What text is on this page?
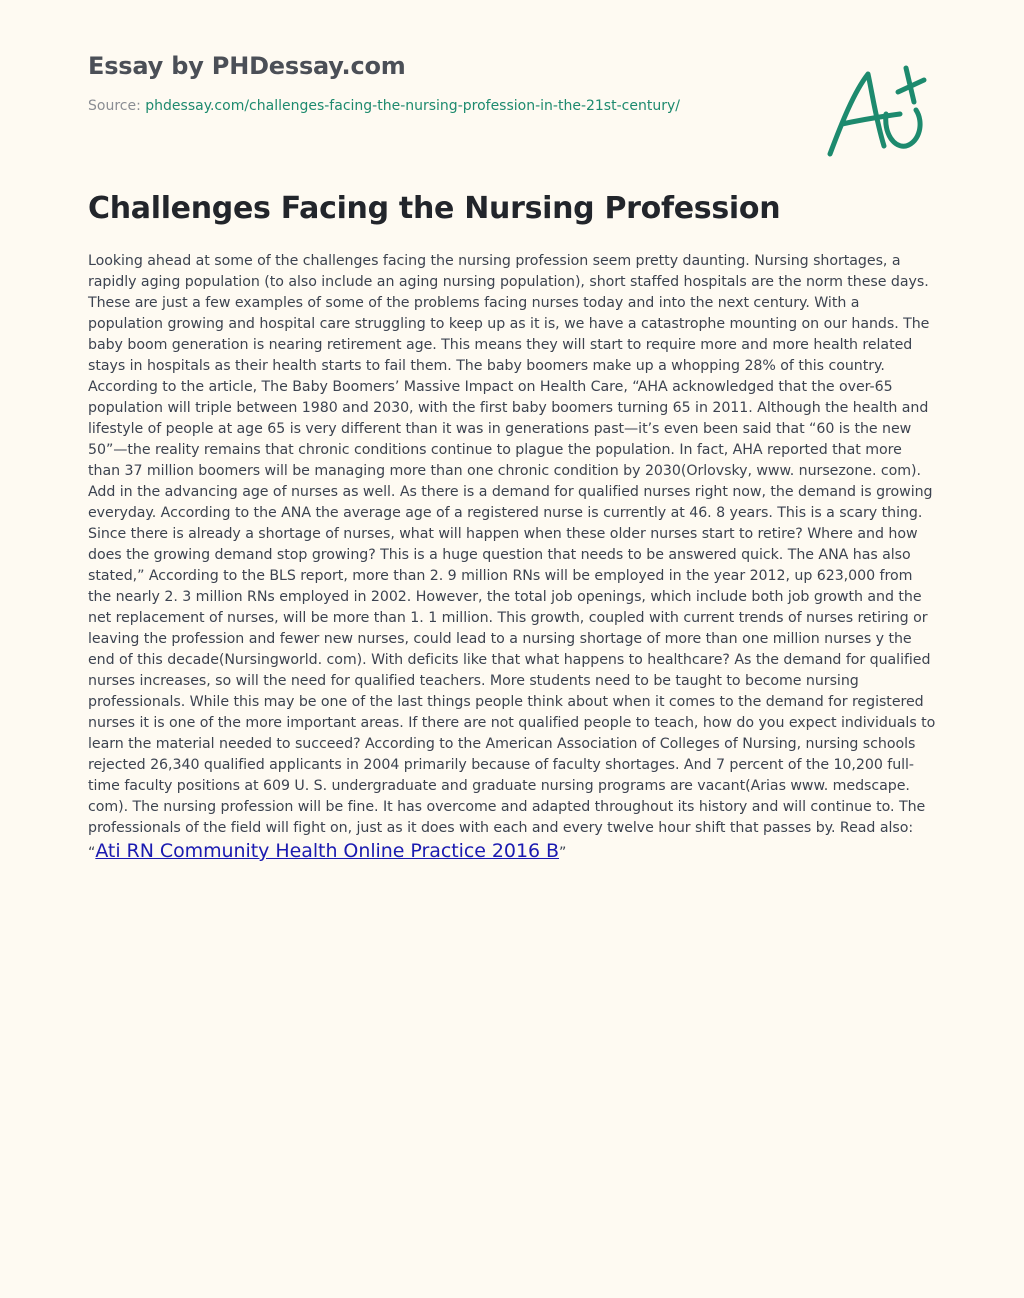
Essay by PHDessay.com
Source: phdessay.com/challenges-facing-the-nursing-profession-in-the-21st-century/
Challenges Facing the Nursing Profession

Looking ahead at some of the challenges facing the nursing profession seem pretty daunting. Nursing shortages, a rapidly aging population (to also include an aging nursing population), short staffed hospitals are the norm these days. These are just a few examples of some of the problems facing nurses today and into the next century. With a population growing and hospital care struggling to keep up as it is, we have a catastrophe mounting on our hands. The baby boom generation is nearing retirement age. This means they will start to require more and more health related stays in hospitals as their health starts to fail them. The baby boomers make up a whopping 28% of this country. According to the article, The Baby Boomers’ Massive Impact on Health Care, “AHA acknowledged that the over-65 population will triple between 1980 and 2030, with the first baby boomers turning 65 in 2011. Although the health and lifestyle of people at age 65 is very different than it was in generations past—it’s even been said that “60 is the new 50”—the reality remains that chronic conditions continue to plague the population. In fact, AHA reported that more than 37 million boomers will be managing more than one chronic condition by 2030(Orlovsky, www. nursezone. com). Add in the advancing age of nurses as well. As there is a demand for qualified nurses right now, the demand is growing everyday. According to the ANA the average age of a registered nurse is currently at 46. 8 years. This is a scary thing. Since there is already a shortage of nurses, what will happen when these older nurses start to retire? Where and how does the growing demand stop growing? This is a huge question that needs to be answered quick. The ANA has also stated,” According to the BLS report, more than 2. 9 million RNs will be employed in the year 2012, up 623,000 from the nearly 2. 3 million RNs employed in 2002. However, the total job openings, which include both job growth and the net replacement of nurses, will be more than 1. 1 million. This growth, coupled with current trends of nurses retiring or leaving the profession and fewer new nurses, could lead to a nursing shortage of more than one million nurses y the end of this decade(Nursingworld. com). With deficits like that what happens to healthcare? As the demand for qualified nurses increases, so will the need for qualified teachers. More students need to be taught to become nursing professionals. While this may be one of the last things people think about when it comes to the demand for registered nurses it is one of the more important areas. If there are not qualified people to teach, how do you expect individuals to learn the material needed to succeed? According to the American Association of Colleges of Nursing, nursing schools rejected 26,340 qualified applicants in 2004 primarily because of faculty shortages. And 7 percent of the 10,200 full-time faculty positions at 609 U. S. undergraduate and graduate nursing programs are vacant(Arias www. medscape. com). The nursing profession will be fine. It has overcome and adapted throughout its history and will continue to. The professionals of the field will fight on, just as it does with each and every twelve hour shift that passes by. Read also: “Ati RN Community Health Online Practice 2016 B”
